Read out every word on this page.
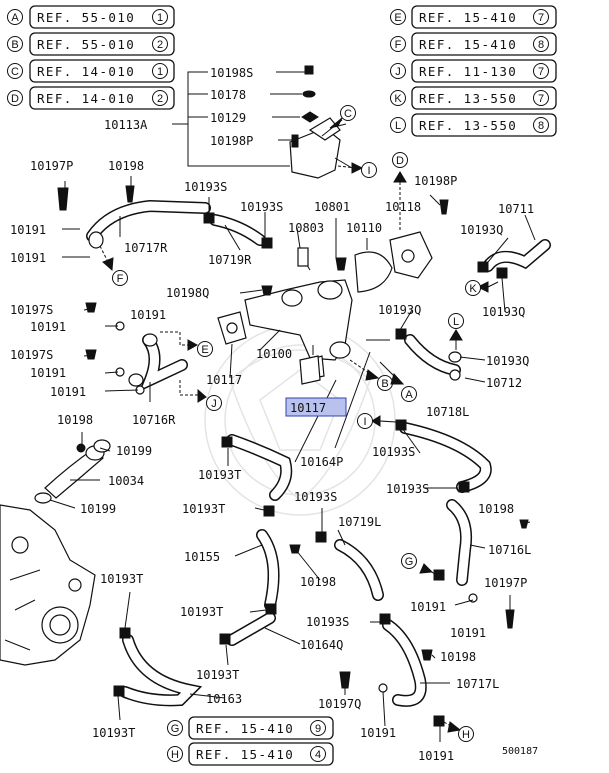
A REF. 55-010 1
B REF. 55-010 2
C REF. 14-010 1
D REF. 14-010 2
E REF. 15-410 7
F REF. 15-410 8
J REF. 11-130 7
K REF. 13-550 7
L REF. 13-550 8
G REF. 15-410 9
H REF. 15-410 4
C
I
D
F
K
L
E
J
B
A
I
G
H
10198S
10178
10129
10113A
10198P
10197P	10198
10193S	10198P
10191
10717R
10191
10193S	10801	10118	10711
10803 10110	10193Q
10719R
10198Q
10193Q
10197S	10191	10193Q
10191
10197S	10100	10193Q
10191	10117	10712
10191
10117
10716R
10718L
10198
10199	10193S
10164P
10193T
10034
10193S
10193S
10199	10193T	10198
10719L
10716L
10155
10198
10193T	10197P
10191
10193T
10193S
10191
10164Q
10198
10193T
10717L
10163	10197Q
10193T	10191
10191	500187
